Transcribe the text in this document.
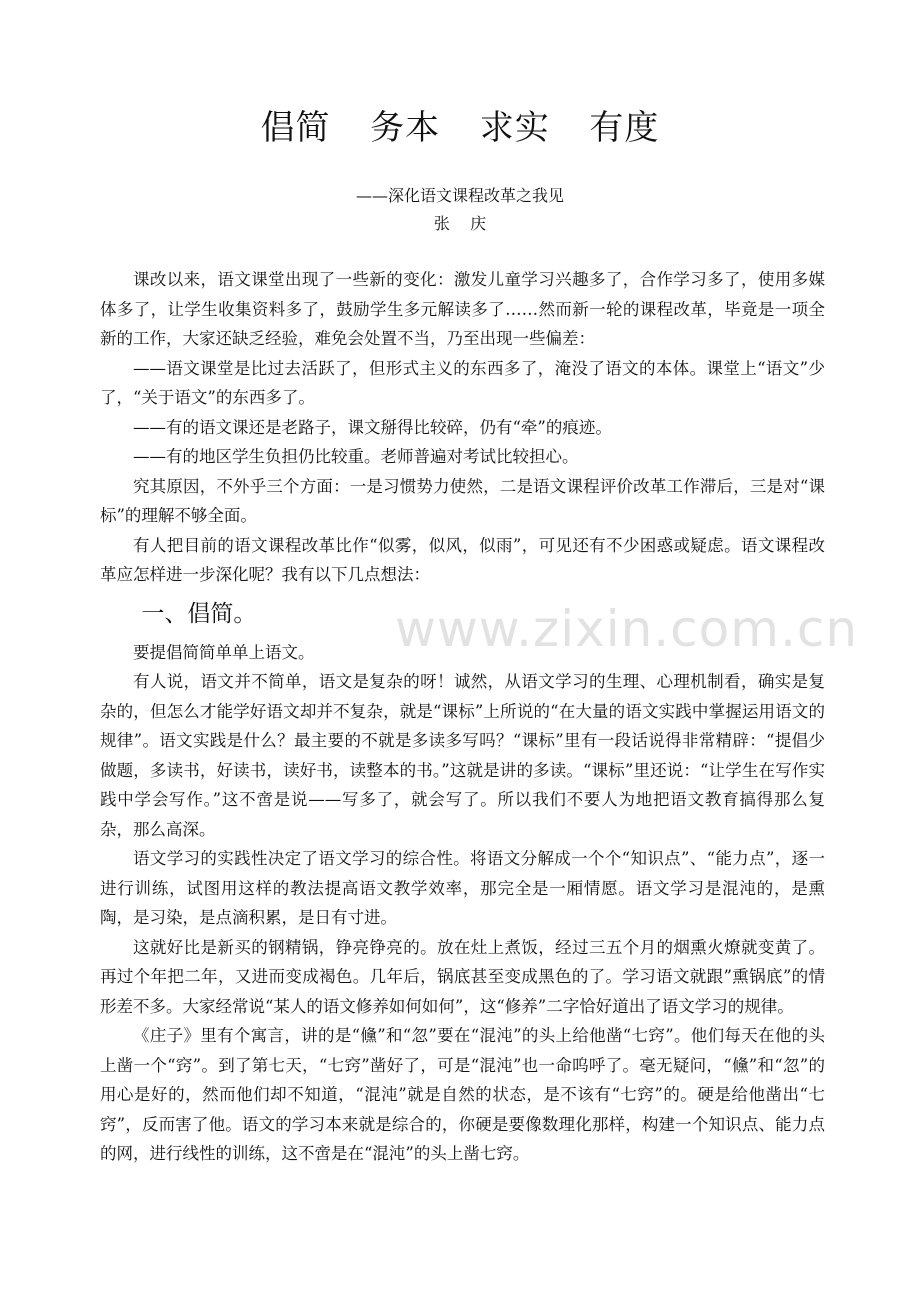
倡简  务本  求实  有度
——深化语文课程改革之我见
张    庆

课改以来，语文课堂出现了一些新的变化：激发儿童学习兴趣多了，合作学习多了，使用多媒体多了，让学生收集资料多了，鼓励学生多元解读多了……然而新一轮的课程改革，毕竟是一项全新的工作，大家还缺乏经验，难免会处置不当，乃至出现一些偏差：

——语文课堂是比过去活跃了，但形式主义的东西多了，淹没了语文的本体。课堂上“语文”少了，“关于语文”的东西多了。

——有的语文课还是老路子，课文掰得比较碎，仍有“牵”的痕迹。

——有的地区学生负担仍比较重。老师普遍对考试比较担心。

究其原因，不外乎三个方面：一是习惯势力使然，二是语文课程评价改革工作滞后，三是对“课标”的理解不够全面。

有人把目前的语文课程改革比作“似雾，似风，似雨”，可见还有不少困惑或疑虑。语文课程改革应怎样进一步深化呢？我有以下几点想法：

一、倡简。

要提倡简简单单上语文。

有人说，语文并不简单，语文是复杂的呀！诚然，从语文学习的生理、心理机制看，确实是复杂的，但怎么才能学好语文却并不复杂，就是“课标”上所说的“在大量的语文实践中掌握运用语文的规律”。语文实践是什么？最主要的不就是多读多写吗？“课标”里有一段话说得非常精辟：“提倡少做题，多读书，好读书，读好书，读整本的书。”这就是讲的多读。“课标”里还说：“让学生在写作实践中学会写作。”这不啻是说——写多了，就会写了。所以我们不要人为地把语文教育搞得那么复杂，那么高深。

语文学习的实践性决定了语文学习的综合性。将语文分解成一个个“知识点”、“能力点”，逐一进行训练，试图用这样的教法提高语文教学效率，那完全是一厢情愿。语文学习是混沌的，是熏陶，是习染，是点滴积累，是日有寸进。

这就好比是新买的钢精锅，铮亮铮亮的。放在灶上煮饭，经过三五个月的烟熏火燎就变黄了。再过个年把二年，又进而变成褐色。几年后，锅底甚至变成黑色的了。学习语文就跟”熏锅底”的情形差不多。大家经常说“某人的语文修养如何如何”，这“修养”二字恰好道出了语文学习的规律。

《庄子》里有个寓言，讲的是“儵”和“忽”要在“混沌”的头上给他凿“七窍”。他们每天在他的头上凿一个“窍”。到了第七天，“七窍”凿好了，可是“混沌”也一命呜呼了。毫无疑问，“儵”和“忽”的用心是好的，然而他们却不知道，“混沌”就是自然的状态，是不该有“七窍”的。硬是给他凿出“七窍”，反而害了他。语文的学习本来就是综合的，你硬是要像数理化那样，构建一个知识点、能力点的网，进行线性的训练，这不啻是在“混沌”的头上凿七窍。

www.zixin.com.cn
